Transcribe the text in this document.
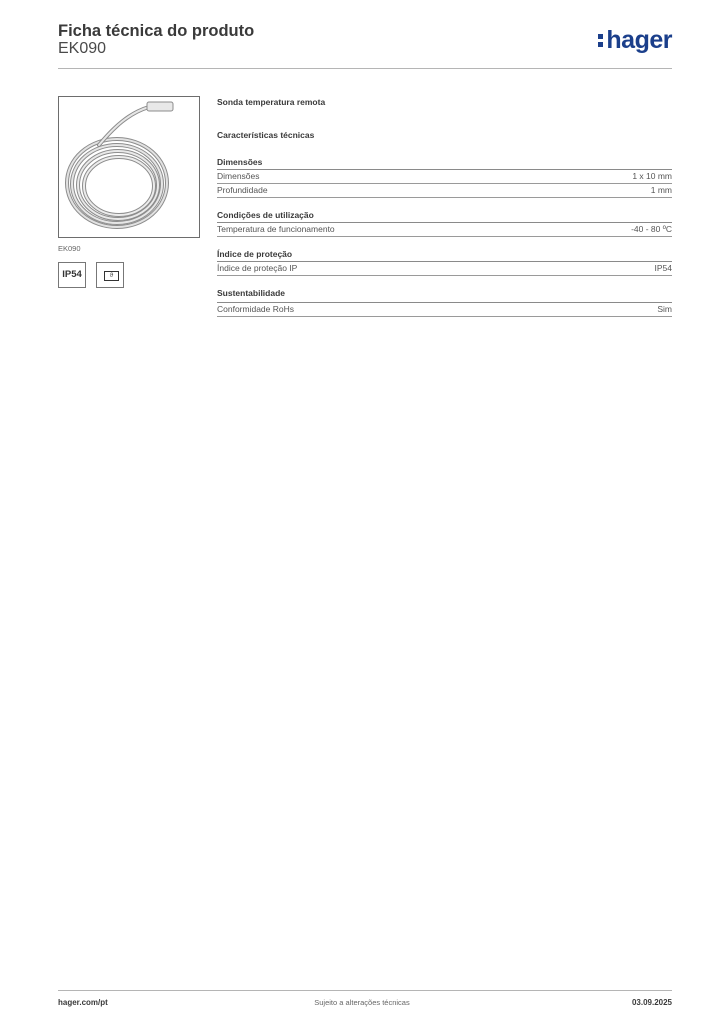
Ficha técnica do produto
EK090	hager
EK090
IP54	ϑ
Sonda temperatura remota
Características técnicas
Dimensões
Dimensões	1 x 10 mm
Profundidade	1 mm
Condições de utilização
Temperatura de funcionamento	-40 - 80 ºC
Índice de proteção
Índice de proteção IP	IP54
Sustentabilidade
Conformidade RoHs	Sim
hager.com/pt	Sujeito a alterações técnicas	03.09.2025
